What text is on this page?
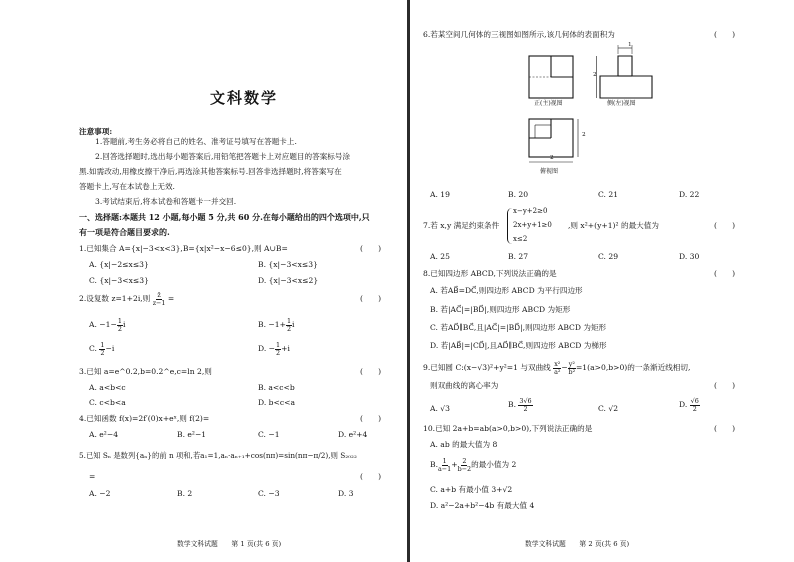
文科数学
注意事项:
1.答题前,考生务必将自己的姓名、准考证号填写在答题卡上.
2.回答选择题时,选出每小题答案后,用铅笔把答题卡上对应题目的答案标号涂
黑.如需改动,用橡皮擦干净后,再选涂其他答案标号.回答非选择题时,将答案写在
答题卡上,写在本试卷上无效.
3.考试结束后,将本试卷和答题卡一并交回.
一、选择题:本题共 12 小题,每小题 5 分,共 60 分.在每小题给出的四个选项中,只
有一项是符合题目要求的.
1.已知集合 A={x|−3<x<3},B={x|x²−x−6≤0},则 A∪B=	(　　)
A. {x|−2≤x≤3}	B. {x|−3<x≤3}
C. {x|−3<x≤3}	D. {x|−3<x≤2}
2.设复数 z=1+2i,则 $\frac{z̄}{z-1}$ =	(　　)
A. $-1- \frac{1}{2}$ i	B. $-1+ \frac{1}{2}$ i
C. $\frac{1}{2} -i$	D. − $\frac{1}{2} +i$
3.已知 a=e^0.2,b=0.2^e,c=ln 2,则	(　　)
A. a<b<c	B. a<c<b
C. c<b<a	D. b<c<a
4.已知函数 f(x)=2f′(0)x+eˣ,则 f(2)=	(　　)
A. e²−4	B. e²−1	C. −1	D. e²+4
5.已知 Sₙ 是数列{aₙ}的前 n 项和,若a₁=1,aₙ·aₙ₊₁+cos(nπ)=sin(nπ−π/2),则 S₂₀₂₂
=	(　　)
A. −2	B. 2	C. −3	D. 3
数学文科试题　　第 1 页(共 6 页)
6.若某空间几何体的三视图如图所示,该几何体的表面积为	(　　)
正(主)视图
1
2
侧(左)视图
2
2
俯视图
A. 19	B. 20	C. 21	D. 22
7.若 x,y 满足约束条件
x−y+2≥0
2x+y+1≥0
x≤2
,则 x²+(y+1)² 的最大值为	(　　)
A. 25	B. 27	C. 29	D. 30
8.已知四边形 ABCD,下列说法正确的是	(　　)
A. 若AB⃗=DC⃗,则四边形 ABCD 为平行四边形
B. 若|AC⃗|=|BD⃗|,则四边形 ABCD 为矩形
C. 若AD⃗∥BC⃗,且|AC⃗|=|BD⃗|,则四边形 ABCD 为矩形
D. 若|AB⃗|=|CD⃗|,且AD⃗∥BC⃗,则四边形 ABCD 为梯形
9.已知圆 C:(x−√3)²+y²=1 与双曲线 $\frac{\text{x²}}{\text{a²}} - \frac{\text{y²}}{\text{b²}} =1(a>0,b>0)$的一条渐近线相切,
则双曲线的离心率为	(　　)
A. √3	B. $\frac{3√6}{2}$	C. √2	D. $\frac{√6}{2}$
10.已知 2a+b=ab(a>0,b>0),下列说法正确的是
A. ab 的最大值为 8
B. $\frac{1}{a-1} + \frac{2}{b-2}$ 的最小值为 2
(　　)
C. a+b 有最小值 3+√2
D. a²−2a+b²−4b 有最大值 4
数学文科试题　　第 2 页(共 6 页)
